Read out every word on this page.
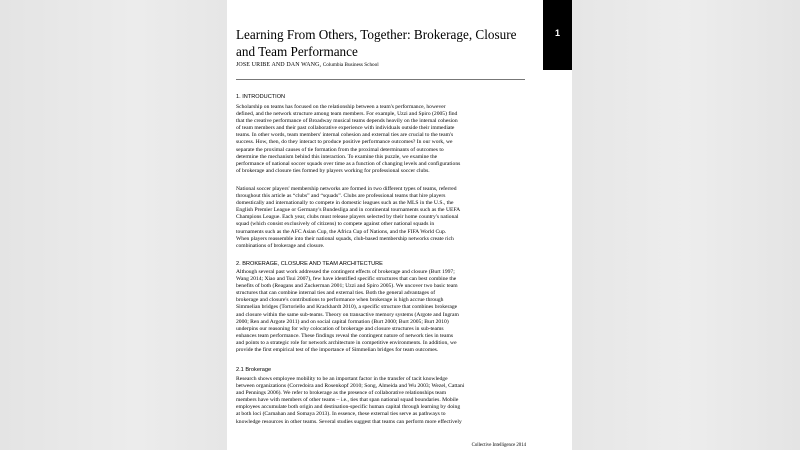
1
Learning From Others, Together: Brokerage, Closure
and Team Performance
JOSE URIBE AND DAN WANG, Columbia Business School
1. INTRODUCTION

Scholarship on teams has focused on the relationship between a team's performance, however

defined, and the network structure among team members. For example, Uzzi and Spiro (2005) find

that the creative performance of Broadway musical teams depends heavily on the internal cohesion

of team members and their past collaborative experience with individuals outside their immediate

teams. In other words, team members' internal cohesion and external ties are crucial to the team's

success. How, then, do they interact to produce positive performance outcomes? In our work, we

separate the proximal causes of tie formation from the proximal determinants of outcomes to

determine the mechanism behind this interaction. To examine this puzzle, we examine the

performance of national soccer squads over time as a function of changing levels and configurations

of brokerage and closure ties formed by players working for professional soccer clubs.

National soccer players' membership networks are formed in two different types of teams, referred

throughout this article as “clubs” and “squads”. Clubs are professional teams that hire players

domestically and internationally to compete in domestic leagues such as the MLS in the U.S., the

English Premier League or Germany's Bundesliga and in continental tournaments such as the UEFA

Champions League. Each year, clubs must release players selected by their home country's national

squad (which consist exclusively of citizens) to compete against other national squads in

tournaments such as the AFC Asian Cup, the Africa Cup of Nations, and the FIFA World Cup.

When players reassemble into their national squads, club-based membership networks create rich

combinations of brokerage and closure.

2. BROKERAGE, CLOSURE AND TEAM ARCHITECTURE

Although several past work addressed the contingent effects of brokerage and closure (Burt 1997;

Wang 2014; Xiao and Tsui 2007), few have identified specific structures that can best combine the

benefits of both (Reagans and Zuckerman 2001; Uzzi and Spiro 2005). We uncover two basic team

structures that can combine internal ties and external ties. Both the general advantages of

brokerage and closure's contributions to performance when brokerage is high accrue through

Simmelian bridges (Tortoriello and Krackhardt 2010), a specific structure that combines brokerage

and closure within the same sub-teams. Theory on transactive memory systems (Argote and Ingram

2000; Ren and Argote 2011) and on social capital formation (Burt 2000; Burt 2005; Burt 2010)

underpins our reasoning for why colocation of brokerage and closure structures in sub-teams

enhances team performance. These findings reveal the contingent nature of network ties in teams

and points to a strategic role for network architecture in competitive environments. In addition, we

provide the first empirical test of the importance of Simmelian bridges for team outcomes.

2.1 Brokerage

Research shows employee mobility to be an important factor in the transfer of tacit knowledge

between organizations (Corredoira and Rosenkopf 2010; Song, Almeida and Wu 2003; Wezel, Cattani

and Pennings 2006). We refer to brokerage as the presence of collaborative relationships team

members have with members of other teams – i.e., ties that span national squad boundaries. Mobile

employees accumulate both origin and destination-specific human capital through learning by doing

at both loci (Carnahan and Somaya 2013). In essence, these external ties serve as pathways to

knowledge resources in other teams. Several studies suggest that teams can perform more effectively

Collective Intelligence 2014
